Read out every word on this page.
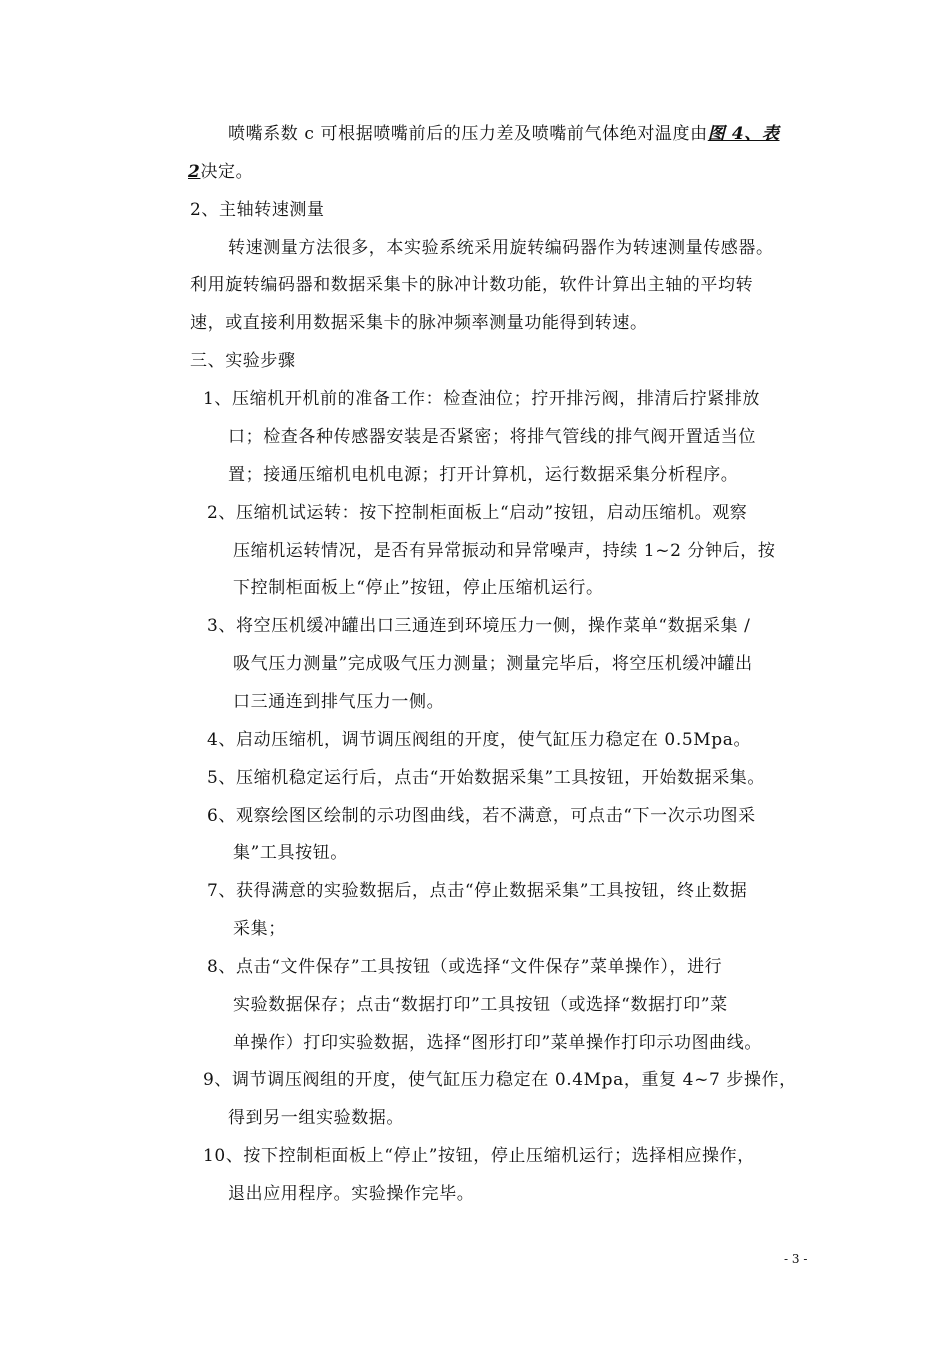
喷嘴系数 c 可根据喷嘴前后的压力差及喷嘴前气体绝对温度由图 4、表
2决定。
2、主轴转速测量
转速测量方法很多，本实验系统采用旋转编码器作为转速测量传感器。
利用旋转编码器和数据采集卡的脉冲计数功能，软件计算出主轴的平均转
速，或直接利用数据采集卡的脉冲频率测量功能得到转速。
三、实验步骤
1、压缩机开机前的准备工作：检查油位；拧开排污阀，排清后拧紧排放
口；检查各种传感器安装是否紧密；将排气管线的排气阀开置适当位
置；接通压缩机电机电源；打开计算机，运行数据采集分析程序。
2、压缩机试运转：按下控制柜面板上“启动”按钮，启动压缩机。观察
压缩机运转情况，是否有异常振动和异常噪声，持续 1~2 分钟后，按
下控制柜面板上“停止”按钮，停止压缩机运行。
3、将空压机缓冲罐出口三通连到环境压力一侧，操作菜单“数据采集 /
吸气压力测量”完成吸气压力测量；测量完毕后，将空压机缓冲罐出
口三通连到排气压力一侧。
4、启动压缩机，调节调压阀组的开度，使气缸压力稳定在 0.5Mpa。
5、压缩机稳定运行后，点击“开始数据采集”工具按钮，开始数据采集。
6、观察绘图区绘制的示功图曲线，若不满意，可点击“下一次示功图采
集”工具按钮。
7、获得满意的实验数据后，点击“停止数据采集”工具按钮，终止数据
采集；
8、点击“文件保存”工具按钮（或选择“文件保存”菜单操作），进行
实验数据保存；点击“数据打印”工具按钮（或选择“数据打印”菜
单操作）打印实验数据，选择“图形打印”菜单操作打印示功图曲线。
9、调节调压阀组的开度，使气缸压力稳定在 0.4Mpa，重复 4~7 步操作，
得到另一组实验数据。
10、按下控制柜面板上“停止”按钮，停止压缩机运行；选择相应操作，
退出应用程序。实验操作完毕。
- 3 -
